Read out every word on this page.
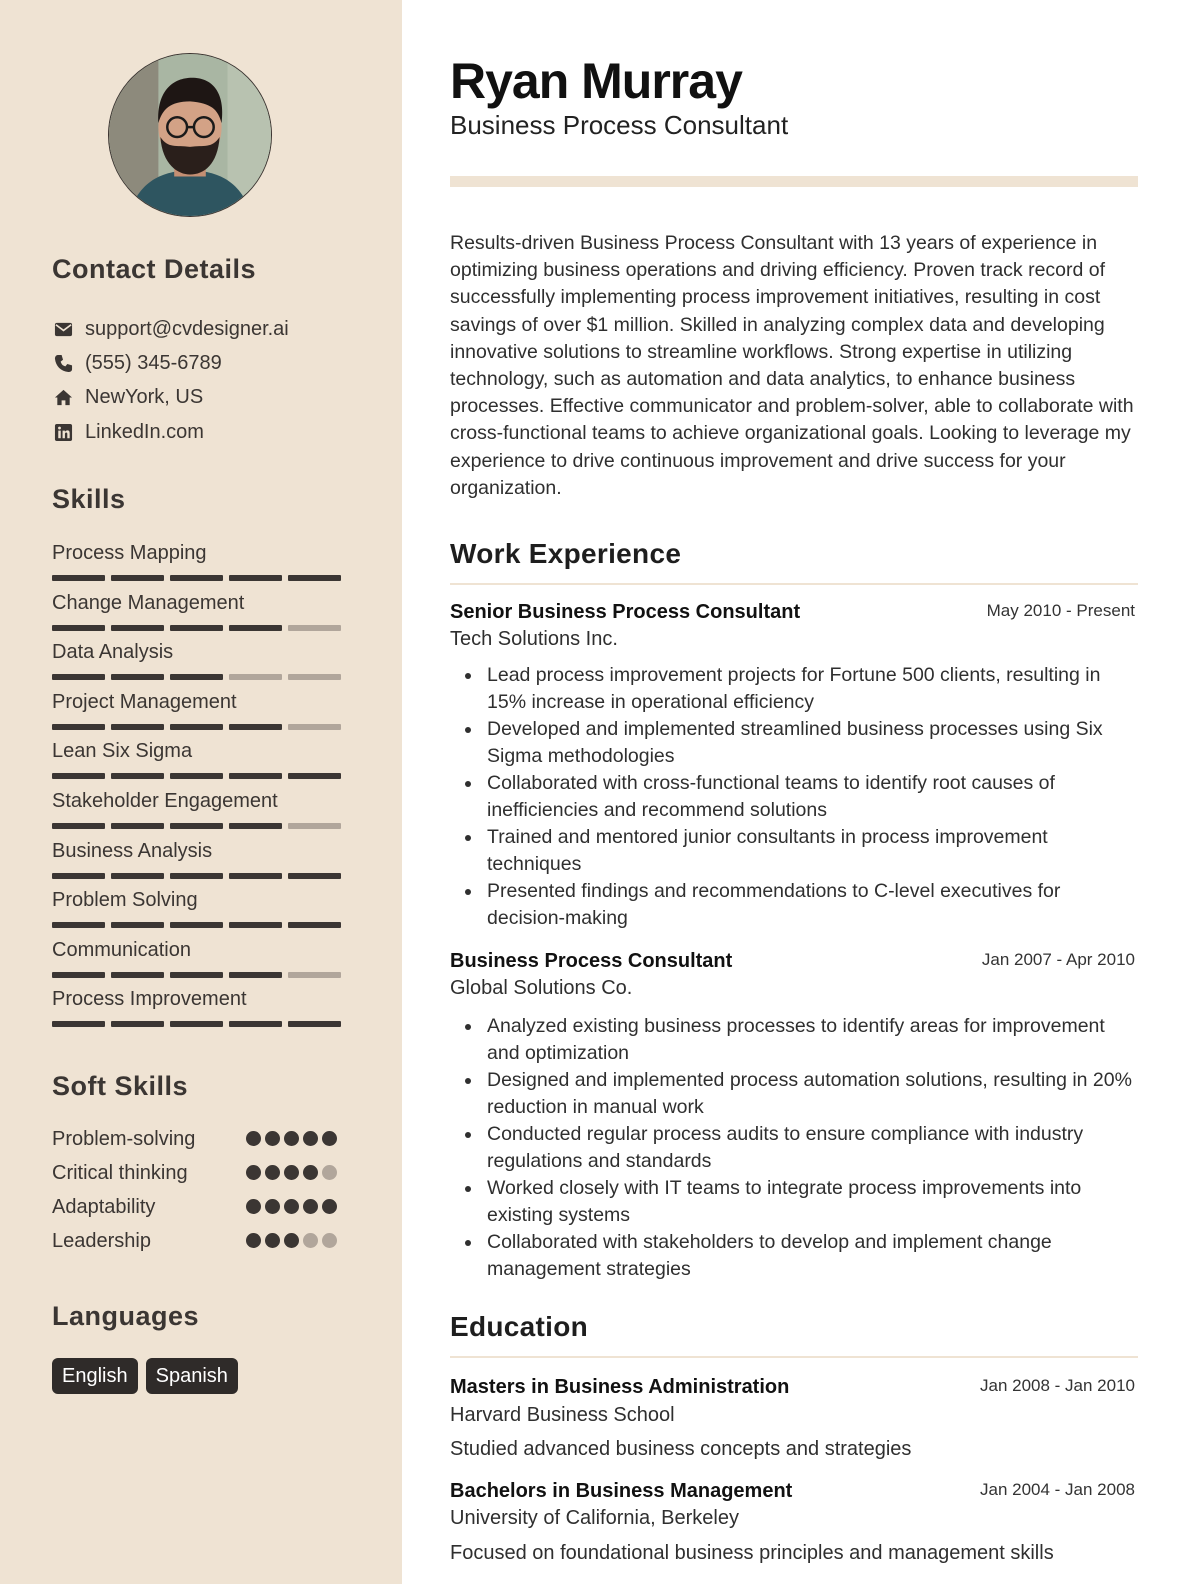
Contact Details
support@cvdesigner.ai
(555) 345-6789
NewYork, US
LinkedIn.com
Skills
Process Mapping
Change Management
Data Analysis
Project Management
Lean Six Sigma
Stakeholder Engagement
Business Analysis
Problem Solving
Communication
Process Improvement
Soft Skills
Problem-solving
Critical thinking
Adaptability
Leadership
Languages
English	Spanish
Ryan Murray
Business Process Consultant
Results-driven Business Process Consultant with 13 years of experience in optimizing business operations and driving efficiency. Proven track record of successfully implementing process improvement initiatives, resulting in cost savings of over $1 million. Skilled in analyzing complex data and developing innovative solutions to streamline workflows. Strong expertise in utilizing technology, such as automation and data analytics, to enhance business processes. Effective communicator and problem-solver, able to collaborate with cross-functional teams to achieve organizational goals. Looking to leverage my experience to drive continuous improvement and drive success for your organization.
Work Experience
Senior Business Process Consultant	May 2010 - Present
Tech Solutions Inc.
Lead process improvement projects for Fortune 500 clients, resulting in 15% increase in operational efficiency
Developed and implemented streamlined business processes using Six Sigma methodologies
Collaborated with cross-functional teams to identify root causes of inefficiencies and recommend solutions
Trained and mentored junior consultants in process improvement techniques
Presented findings and recommendations to C-level executives for decision-making
Business Process Consultant	Jan 2007 - Apr 2010
Global Solutions Co.
Analyzed existing business processes to identify areas for improvement and optimization
Designed and implemented process automation solutions, resulting in 20% reduction in manual work
Conducted regular process audits to ensure compliance with industry regulations and standards
Worked closely with IT teams to integrate process improvements into existing systems
Collaborated with stakeholders to develop and implement change management strategies
Education
Masters in Business Administration	Jan 2008 - Jan 2010
Harvard Business School
Studied advanced business concepts and strategies
Bachelors in Business Management	Jan 2004 - Jan 2008
University of California, Berkeley
Focused on foundational business principles and management skills
